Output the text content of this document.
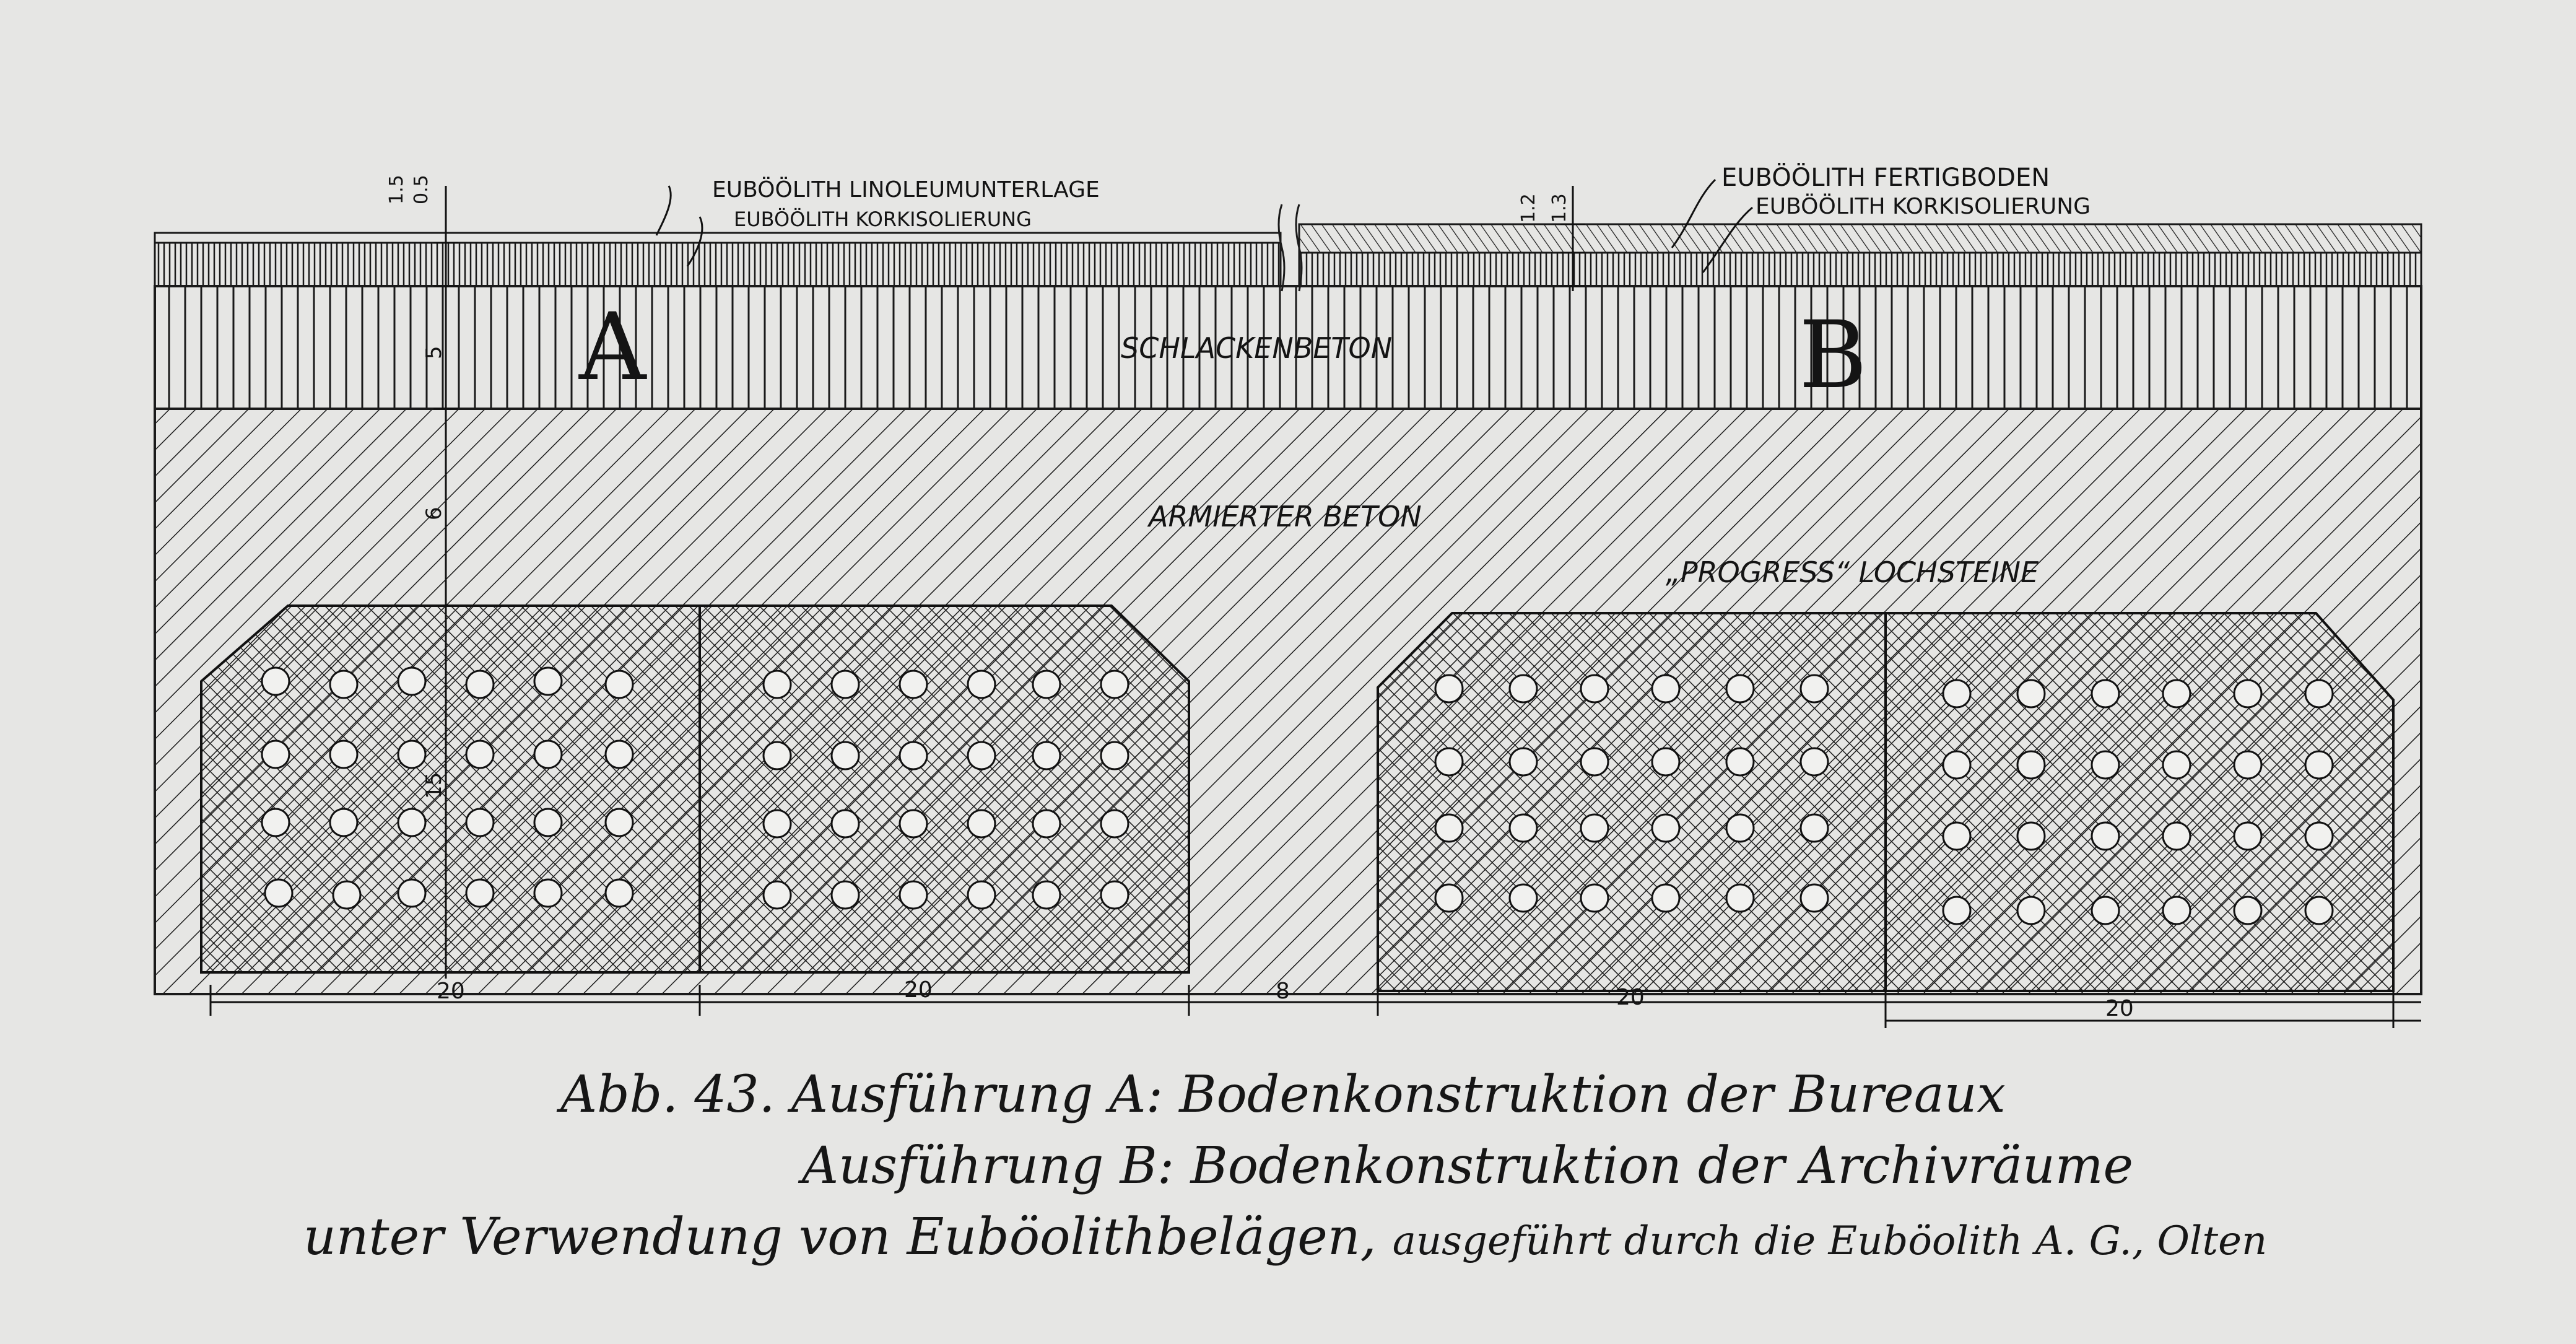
EUBÖÖLITH LINOLEUMUNTERLAGE
EUBÖÖLITH KORKISOLIERUNG
EUBÖÖLITH FERTIGBODEN
EUBÖÖLITH KORKISOLIERUNG
A	B
SCHLACKENBETON
ARMIERTER BETON
„PROGRESS“ LOCHSTEINE
1.5 0.5
5
6
15
1.2 1.3
20	20	8	20	20
Abb. 43. Ausführung A: Bodenkonstruktion der Bureaux
Ausführung B: Bodenkonstruktion der Archivräume
unter Verwendung von Euböolithbelägen, ausgeführt durch die Euböolith A. G., Olten
